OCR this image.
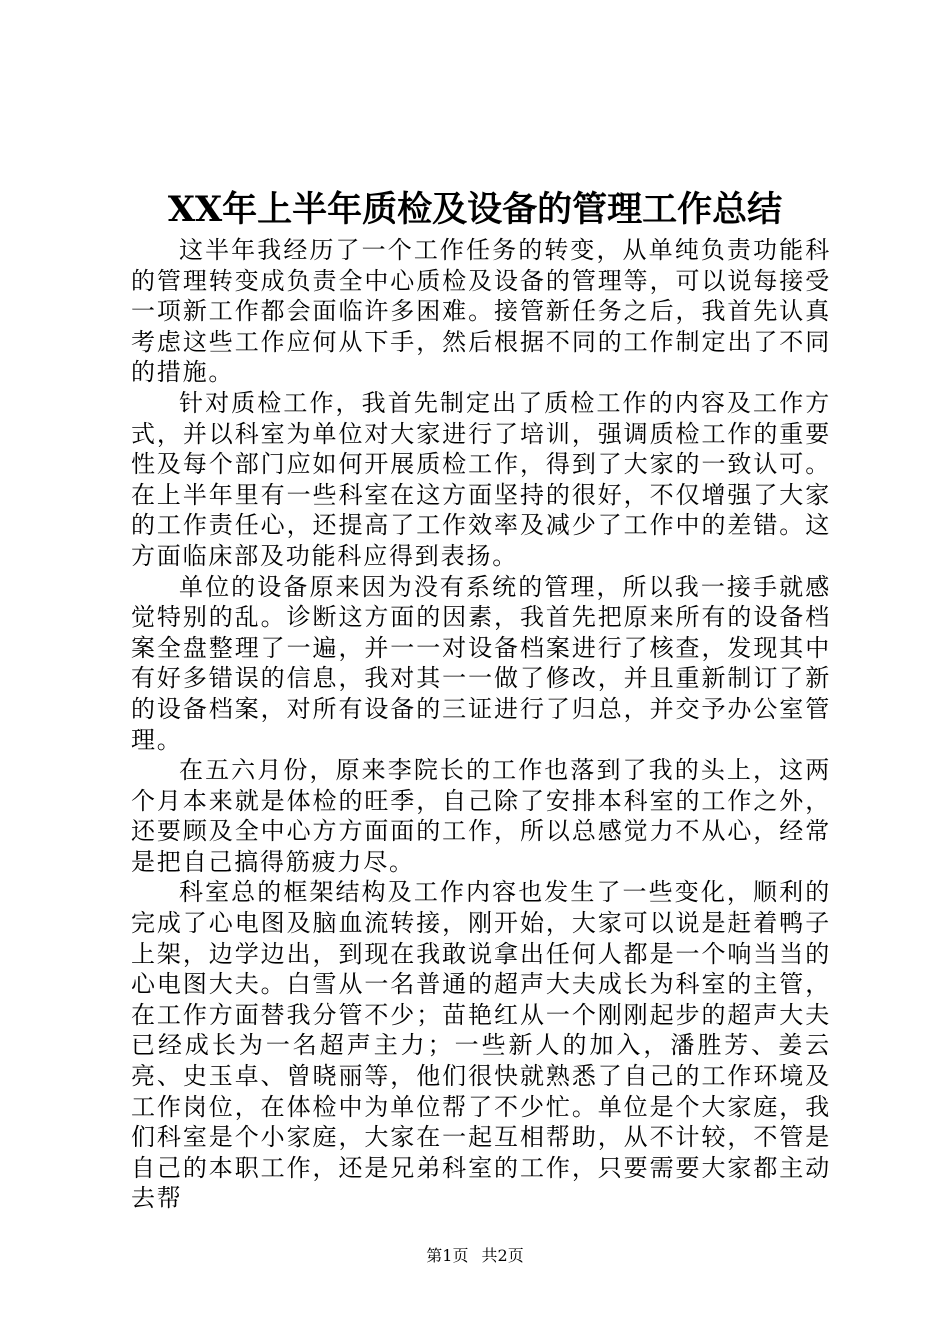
XX年上半年质检及设备的管理工作总结

这半年我经历了一个工作任务的转变，从单纯负责功能科的管理转变成负责全中心质检及设备的管理等，可以说每接受一项新工作都会面临许多困难。接管新任务之后，我首先认真考虑这些工作应何从下手，然后根据不同的工作制定出了不同的措施。

针对质检工作，我首先制定出了质检工作的内容及工作方式，并以科室为单位对大家进行了培训，强调质检工作的重要性及每个部门应如何开展质检工作，得到了大家的一致认可。在上半年里有一些科室在这方面坚持的很好，不仅增强了大家的工作责任心，还提高了工作效率及减少了工作中的差错。这方面临床部及功能科应得到表扬。

单位的设备原来因为没有系统的管理，所以我一接手就感觉特别的乱。诊断这方面的因素，我首先把原来所有的设备档案全盘整理了一遍，并一一对设备档案进行了核查，发现其中有好多错误的信息，我对其一一做了修改，并且重新制订了新的设备档案，对所有设备的三证进行了归总，并交予办公室管理。

在五六月份，原来李院长的工作也落到了我的头上，这两个月本来就是体检的旺季，自己除了安排本科室的工作之外，还要顾及全中心方方面面的工作，所以总感觉力不从心，经常是把自己搞得筋疲力尽。

科室总的框架结构及工作内容也发生了一些变化，顺利的完成了心电图及脑血流转接，刚开始，大家可以说是赶着鸭子上架，边学边出，到现在我敢说拿出任何人都是一个响当当的心电图大夫。白雪从一名普通的超声大夫成长为科室的主管，在工作方面替我分管不少；苗艳红从一个刚刚起步的超声大夫已经成长为一名超声主力；一些新人的加入，潘胜芳、姜云亮、史玉卓、曾晓丽等，他们很快就熟悉了自己的工作环境及工作岗位，在体检中为单位帮了不少忙。单位是个大家庭，我们科室是个小家庭，大家在一起互相帮助，从不计较，不管是自己的本职工作，还是兄弟科室的工作，只要需要大家都主动去帮

第1页 共2页
